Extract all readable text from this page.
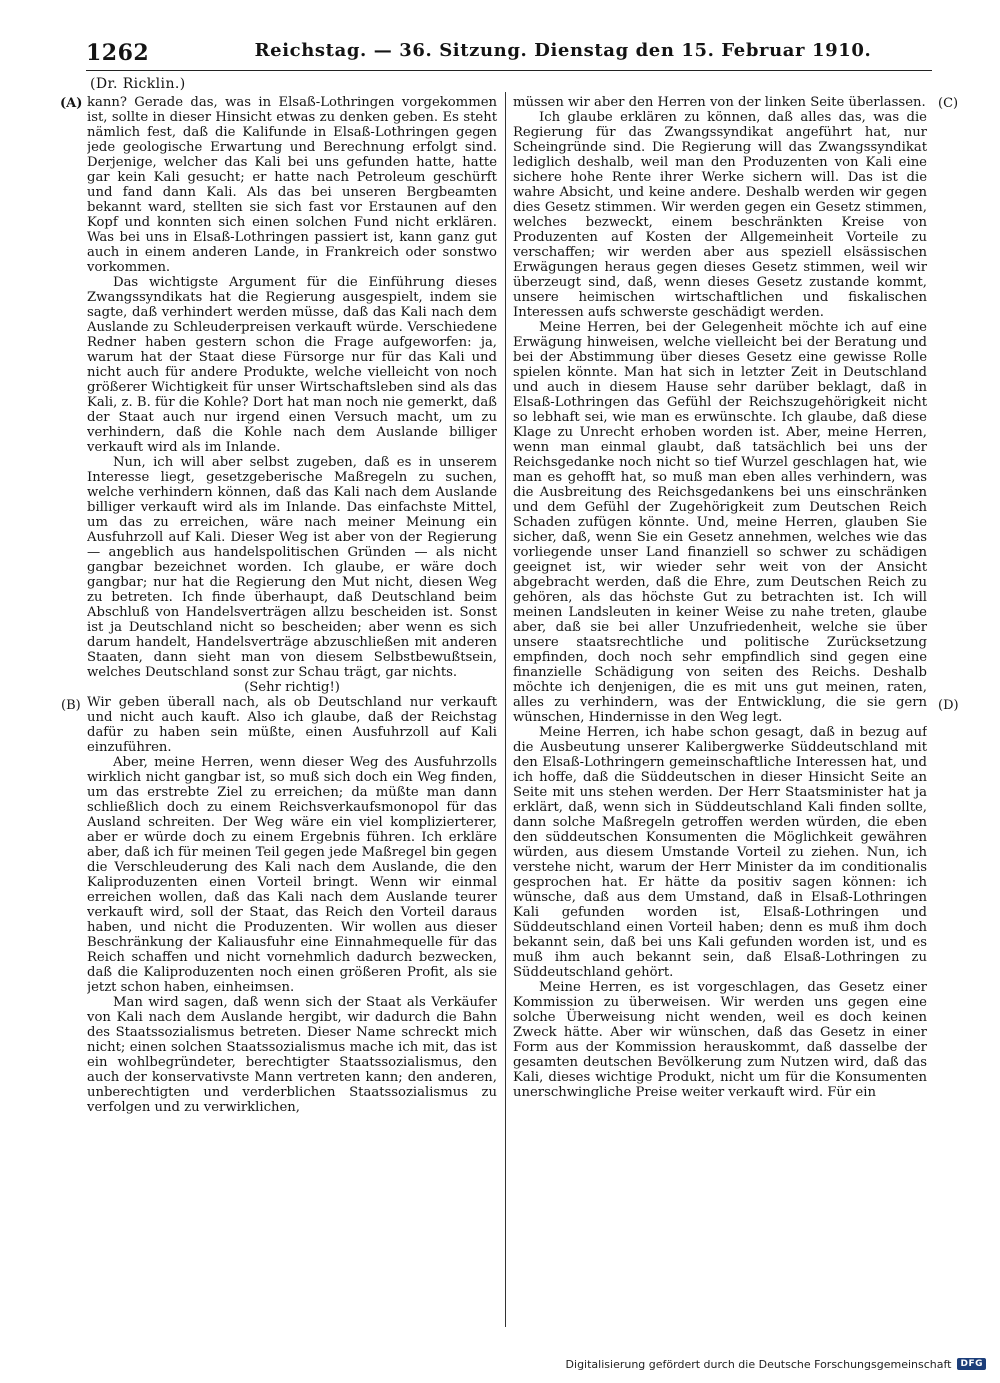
1262	Reichstag. — 36. Sitzung. Dienstag den 15. Februar 1910.
(Dr. Ricklin.)
(A)
(B)
(C)
(D)

kann? Gerade das, was in Elsaß-Lothringen vorgekommen ist, sollte in dieser Hinsicht etwas zu denken geben. Es steht nämlich fest, daß die Kalifunde in Elsaß-Lothringen gegen jede geologische Erwartung und Berechnung erfolgt sind. Derjenige, welcher das Kali bei uns gefunden hatte, hatte gar kein Kali gesucht; er hatte nach Petroleum geschürft und fand dann Kali. Als das bei unseren Bergbeamten bekannt ward, stellten sie sich fast vor Erstaunen auf den Kopf und konnten sich einen solchen Fund nicht erklären. Was bei uns in Elsaß-Lothringen passiert ist, kann ganz gut auch in einem anderen Lande, in Frankreich oder sonstwo vorkommen.

Das wichtigste Argument für die Einführung dieses Zwangssyndikats hat die Regierung ausgespielt, indem sie sagte, daß verhindert werden müsse, daß das Kali nach dem Auslande zu Schleuderpreisen verkauft würde. Verschiedene Redner haben gestern schon die Frage aufgeworfen: ja, warum hat der Staat diese Fürsorge nur für das Kali und nicht auch für andere Produkte, welche vielleicht von noch größerer Wichtigkeit für unser Wirtschaftsleben sind als das Kali, z. B. für die Kohle? Dort hat man noch nie gemerkt, daß der Staat auch nur irgend einen Versuch macht, um zu verhindern, daß die Kohle nach dem Auslande billiger verkauft wird als im Inlande.

Nun, ich will aber selbst zugeben, daß es in unserem Interesse liegt, gesetzgeberische Maßregeln zu suchen, welche verhindern können, daß das Kali nach dem Auslande billiger verkauft wird als im Inlande. Das einfachste Mittel, um das zu erreichen, wäre nach meiner Meinung ein Ausfuhrzoll auf Kali. Dieser Weg ist aber von der Regierung — angeblich aus handelspolitischen Gründen — als nicht gangbar bezeichnet worden. Ich glaube, er wäre doch gangbar; nur hat die Regierung den Mut nicht, diesen Weg zu betreten. Ich finde überhaupt, daß Deutschland beim Abschluß von Handelsverträgen allzu bescheiden ist. Sonst ist ja Deutschland nicht so bescheiden; aber wenn es sich darum handelt, Handelsverträge abzuschließen mit anderen Staaten, dann sieht man von diesem Selbstbewußtsein, welches Deutschland sonst zur Schau trägt, gar nichts.

(Sehr richtig!)

Wir geben überall nach, als ob Deutschland nur verkauft und nicht auch kauft. Also ich glaube, daß der Reichstag dafür zu haben sein müßte, einen Ausfuhrzoll auf Kali einzuführen.

Aber, meine Herren, wenn dieser Weg des Ausfuhrzolls wirklich nicht gangbar ist, so muß sich doch ein Weg finden, um das erstrebte Ziel zu erreichen; da müßte man dann schließlich doch zu einem Reichsverkaufsmonopol für das Ausland schreiten. Der Weg wäre ein viel komplizierterer, aber er würde doch zu einem Ergebnis führen. Ich erkläre aber, daß ich für meinen Teil gegen jede Maßregel bin gegen die Verschleuderung des Kali nach dem Auslande, die den Kaliproduzenten einen Vorteil bringt. Wenn wir einmal erreichen wollen, daß das Kali nach dem Auslande teurer verkauft wird, soll der Staat, das Reich den Vorteil daraus haben, und nicht die Produzenten. Wir wollen aus dieser Beschränkung der Kaliausfuhr eine Einnahmequelle für das Reich schaffen und nicht vornehmlich dadurch bezwecken, daß die Kaliproduzenten noch einen größeren Profit, als sie jetzt schon haben, einheimsen.

Man wird sagen, daß wenn sich der Staat als Verkäufer von Kali nach dem Auslande hergibt, wir dadurch die Bahn des Staatssozialismus betreten. Dieser Name schreckt mich nicht; einen solchen Staatssozialismus mache ich mit, das ist ein wohlbegründeter, berechtigter Staatssozialismus, den auch der konservativste Mann vertreten kann; den anderen, unberechtigten und verderblichen Staatssozialismus zu verfolgen und zu verwirklichen,

müssen wir aber den Herren von der linken Seite überlassen.

Ich glaube erklären zu können, daß alles das, was die Regierung für das Zwangssyndikat angeführt hat, nur Scheingründe sind. Die Regierung will das Zwangssyndikat lediglich deshalb, weil man den Produzenten von Kali eine sichere hohe Rente ihrer Werke sichern will. Das ist die wahre Absicht, und keine andere. Deshalb werden wir gegen dies Gesetz stimmen. Wir werden gegen ein Gesetz stimmen, welches bezweckt, einem beschränkten Kreise von Produzenten auf Kosten der Allgemeinheit Vorteile zu verschaffen; wir werden aber aus speziell elsässischen Erwägungen heraus gegen dieses Gesetz stimmen, weil wir überzeugt sind, daß, wenn dieses Gesetz zustande kommt, unsere heimischen wirtschaftlichen und fiskalischen Interessen aufs schwerste geschädigt werden.

Meine Herren, bei der Gelegenheit möchte ich auf eine Erwägung hinweisen, welche vielleicht bei der Beratung und bei der Abstimmung über dieses Gesetz eine gewisse Rolle spielen könnte. Man hat sich in letzter Zeit in Deutschland und auch in diesem Hause sehr darüber beklagt, daß in Elsaß-Lothringen das Gefühl der Reichszugehörigkeit nicht so lebhaft sei, wie man es erwünschte. Ich glaube, daß diese Klage zu Unrecht erhoben worden ist. Aber, meine Herren, wenn man einmal glaubt, daß tatsächlich bei uns der Reichsgedanke noch nicht so tief Wurzel geschlagen hat, wie man es gehofft hat, so muß man eben alles verhindern, was die Ausbreitung des Reichsgedankens bei uns einschränken und dem Gefühl der Zugehörigkeit zum Deutschen Reich Schaden zufügen könnte. Und, meine Herren, glauben Sie sicher, daß, wenn Sie ein Gesetz annehmen, welches wie das vorliegende unser Land finanziell so schwer zu schädigen geeignet ist, wir wieder sehr weit von der Ansicht abgebracht werden, daß die Ehre, zum Deutschen Reich zu gehören, als das höchste Gut zu betrachten ist. Ich will meinen Landsleuten in keiner Weise zu nahe treten, glaube aber, daß sie bei aller Unzufriedenheit, welche sie über unsere staatsrechtliche und politische Zurücksetzung empfinden, doch noch sehr empfindlich sind gegen eine finanzielle Schädigung von seiten des Reichs. Deshalb möchte ich denjenigen, die es mit uns gut meinen, raten, alles zu verhindern, was der Entwicklung, die sie gern wünschen, Hindernisse in den Weg legt.

Meine Herren, ich habe schon gesagt, daß in bezug auf die Ausbeutung unserer Kalibergwerke Süddeutschland mit den Elsaß-Lothringern gemeinschaftliche Interessen hat, und ich hoffe, daß die Süddeutschen in dieser Hinsicht Seite an Seite mit uns stehen werden. Der Herr Staatsminister hat ja erklärt, daß, wenn sich in Süddeutschland Kali finden sollte, dann solche Maßregeln getroffen werden würden, die eben den süddeutschen Konsumenten die Möglichkeit gewähren würden, aus diesem Umstande Vorteil zu ziehen. Nun, ich verstehe nicht, warum der Herr Minister da im conditionalis gesprochen hat. Er hätte da positiv sagen können: ich wünsche, daß aus dem Umstand, daß in Elsaß-Lothringen Kali gefunden worden ist, Elsaß-Lothringen und Süddeutschland einen Vorteil haben; denn es muß ihm doch bekannt sein, daß bei uns Kali gefunden worden ist, und es muß ihm auch bekannt sein, daß Elsaß-Lothringen zu Süddeutschland gehört.

Meine Herren, es ist vorgeschlagen, das Gesetz einer Kommission zu überweisen. Wir werden uns gegen eine solche Überweisung nicht wenden, weil es doch keinen Zweck hätte. Aber wir wünschen, daß das Gesetz in einer Form aus der Kommission herauskommt, daß dasselbe der gesamten deutschen Bevölkerung zum Nutzen wird, daß das Kali, dieses wichtige Produkt, nicht um für die Konsumenten unerschwingliche Preise weiter verkauft wird. Für ein

Digitalisierung gefördert durch die Deutsche Forschungsgemeinschaft	DFG
